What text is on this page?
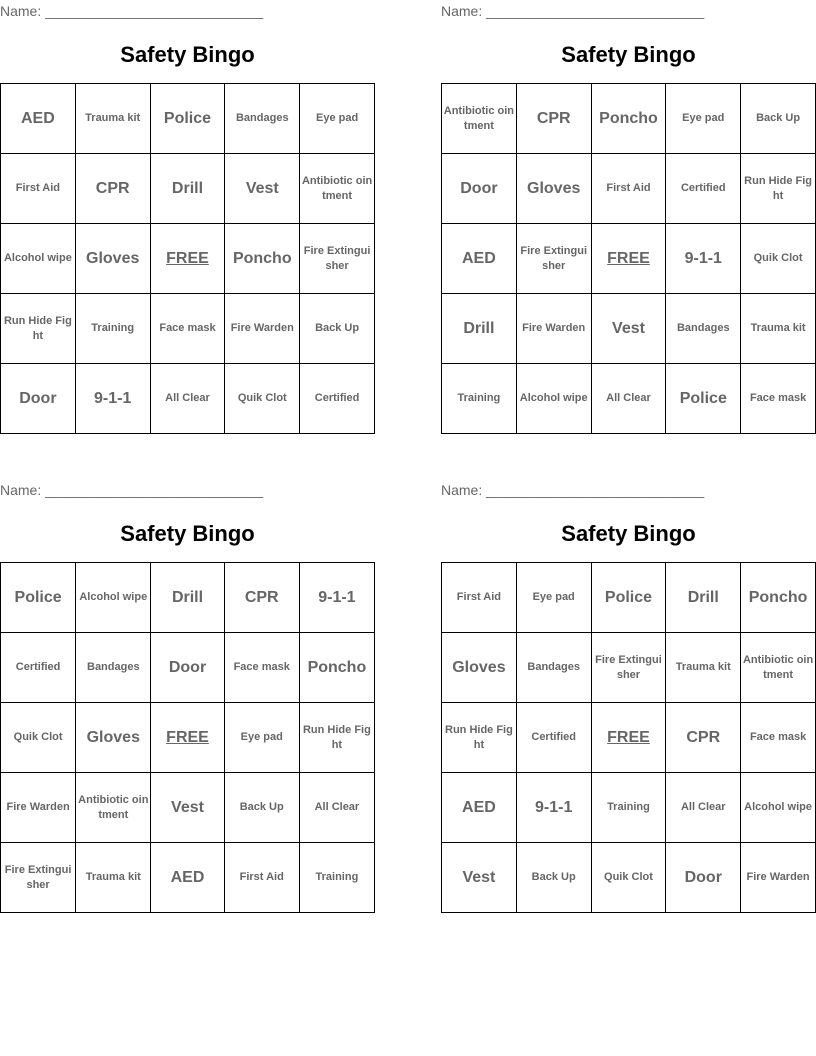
Name: ____________________________
Safety Bingo
AED	Trauma kit	Police	Bandages	Eye pad
First Aid	CPR	Drill	Vest	Antibiotic ointment
Alcohol wipe	Gloves	FREE	Poncho	Fire Extinguisher
Run Hide Fight	Training	Face mask	Fire Warden	Back Up
Door	9-1-1	All Clear	Quik Clot	Certified
Name: ____________________________
Safety Bingo
Antibiotic ointment	CPR	Poncho	Eye pad	Back Up
Door	Gloves	First Aid	Certified	Run Hide Fight
AED	Fire Extinguisher	FREE	9-1-1	Quik Clot
Drill	Fire Warden	Vest	Bandages	Trauma kit
Training	Alcohol wipe	All Clear	Police	Face mask
Name: ____________________________
Safety Bingo
Police	Alcohol wipe	Drill	CPR	9-1-1
Certified	Bandages	Door	Face mask	Poncho
Quik Clot	Gloves	FREE	Eye pad	Run Hide Fight
Fire Warden	Antibiotic ointment	Vest	Back Up	All Clear
Fire Extinguisher	Trauma kit	AED	First Aid	Training
Name: ____________________________
Safety Bingo
First Aid	Eye pad	Police	Drill	Poncho
Gloves	Bandages	Fire Extinguisher	Trauma kit	Antibiotic ointment
Run Hide Fight	Certified	FREE	CPR	Face mask
AED	9-1-1	Training	All Clear	Alcohol wipe
Vest	Back Up	Quik Clot	Door	Fire Warden
